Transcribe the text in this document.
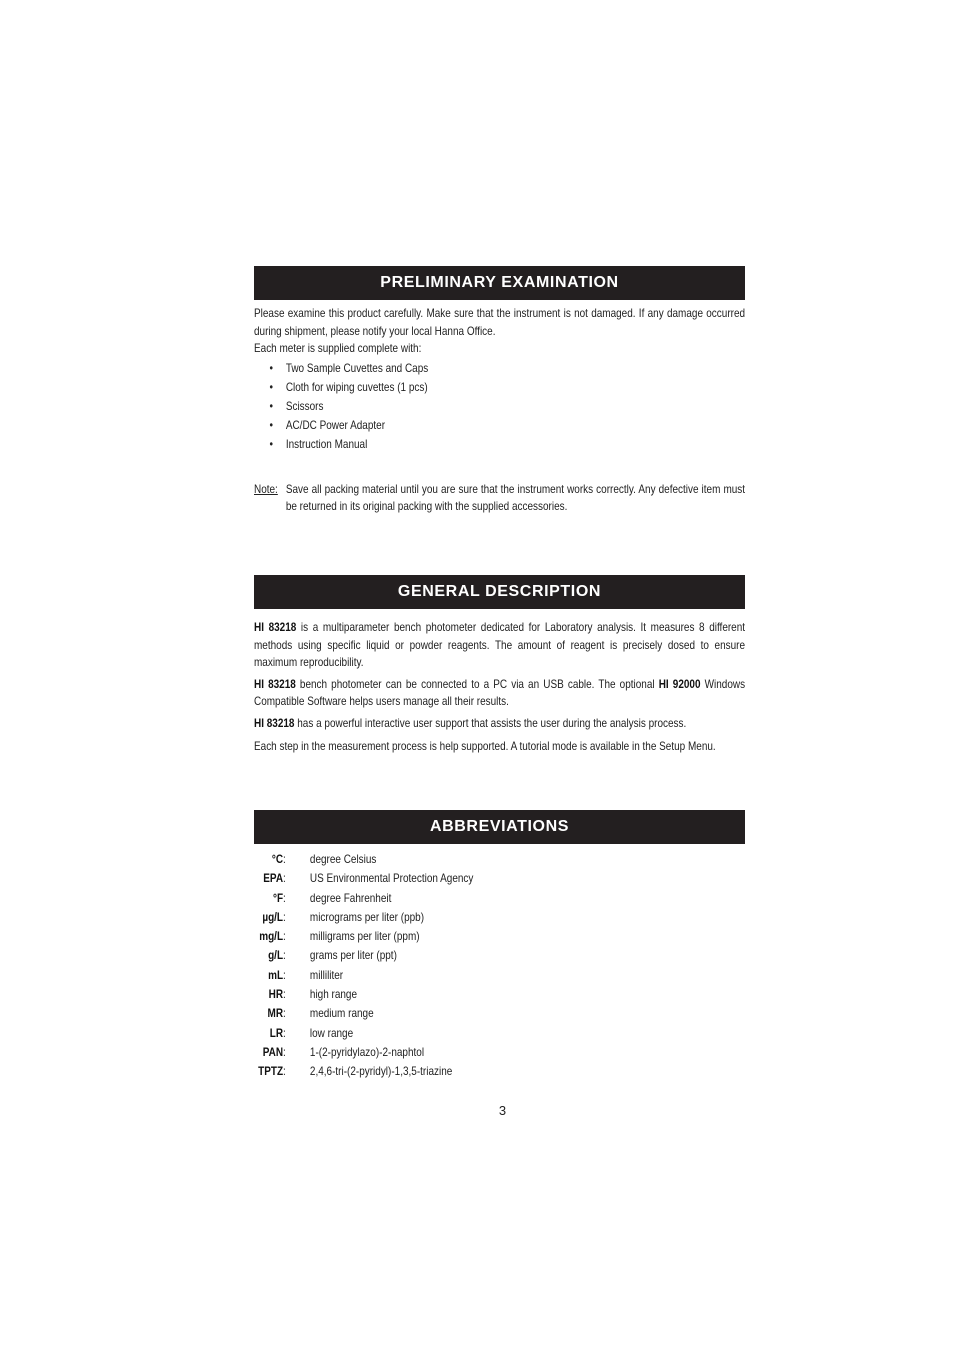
PRELIMINARY EXAMINATION
Please examine this product carefully. Make sure that the instrument is not damaged. If any damage occurred during shipment, please notify your local Hanna Office.
Each meter is supplied complete with:
• Two Sample Cuvettes and Caps
• Cloth for wiping cuvettes (1 pcs)
• Scissors
• AC/DC Power Adapter
• Instruction Manual
Note: Save all packing material until you are sure that the instrument works correctly. Any defective item must be returned in its original packing with the supplied accessories.
GENERAL DESCRIPTION
HI 83218 is a multiparameter bench photometer dedicated for Laboratory analysis. It measures 8 different methods using specific liquid or powder reagents. The amount of reagent is precisely dosed to ensure maximum reproducibility.
HI 83218 bench photometer can be connected to a PC via an USB cable. The optional HI 92000 Windows Compatible Software helps users manage all their results.
HI 83218 has a powerful interactive user support that assists the user during the analysis process.
Each step in the measurement process is help supported. A tutorial mode is available in the Setup Menu.
ABBREVIATIONS
°C:	degree Celsius
EPA:	US Environmental Protection Agency
°F:	degree Fahrenheit
µg/L:	micrograms per liter (ppb)
mg/L:	milligrams per liter (ppm)
g/L:	grams per liter (ppt)
mL:	milliliter
HR:	high range
MR:	medium range
LR:	low range
PAN:	1-(2-pyridylazo)-2-naphtol
TPTZ:	2,4,6-tri-(2-pyridyl)-1,3,5-triazine
3
